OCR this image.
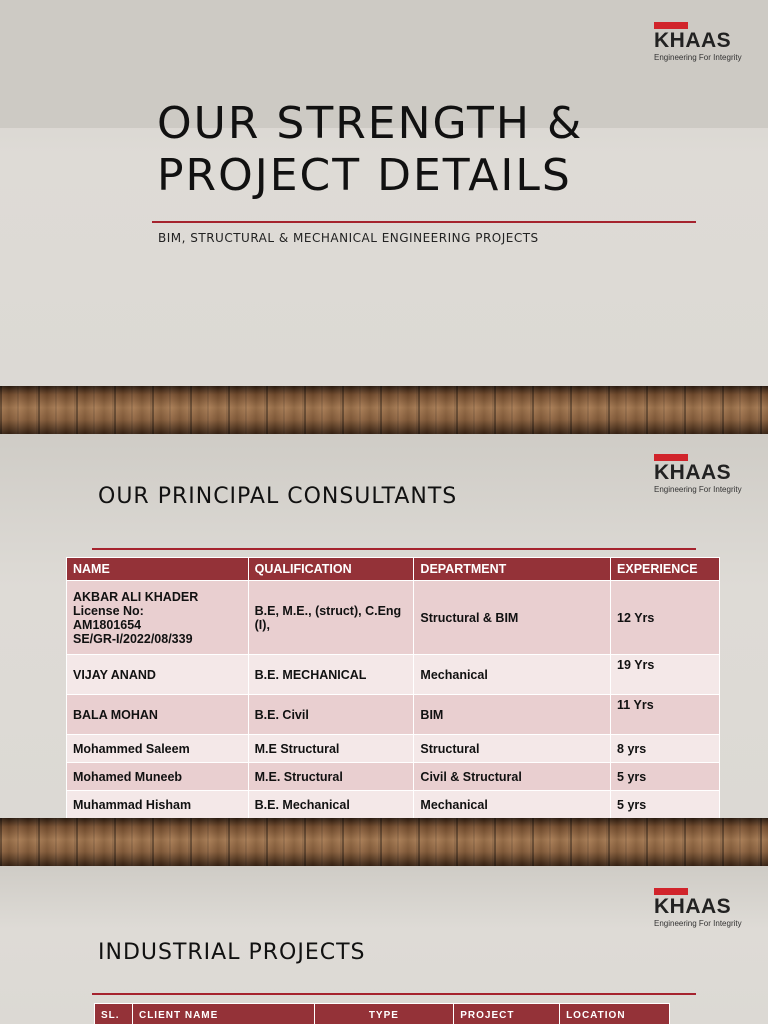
KHAAS
Engineering For Integrity
OUR STRENGTH & PROJECT DETAILS
BIM, STRUCTURAL & MECHANICAL ENGINEERING PROJECTS
KHAAS
Engineering For Integrity
OUR PRINCIPAL CONSULTANTS
NAME	QUALIFICATION	DEPARTMENT	EXPERIENCE

AKBAR ALI KHADER
License No:
AM1801654
SE/GR-I/2022/08/339	B.E, M.E., (struct), C.Eng (I),	Structural & BIM	12 Yrs
VIJAY ANAND	B.E. MECHANICAL	Mechanical	19 Yrs
BALA MOHAN	B.E. Civil	BIM	11 Yrs
Mohammed Saleem	M.E Structural	Structural	8 yrs
Mohamed Muneeb	M.E. Structural	Civil & Structural	5 yrs
Muhammad Hisham	B.E. Mechanical	Mechanical	5 yrs
KHAAS
Engineering For Integrity
INDUSTRIAL PROJECTS
SL.	CLIENT NAME	TYPE	PROJECT	LOCATION
